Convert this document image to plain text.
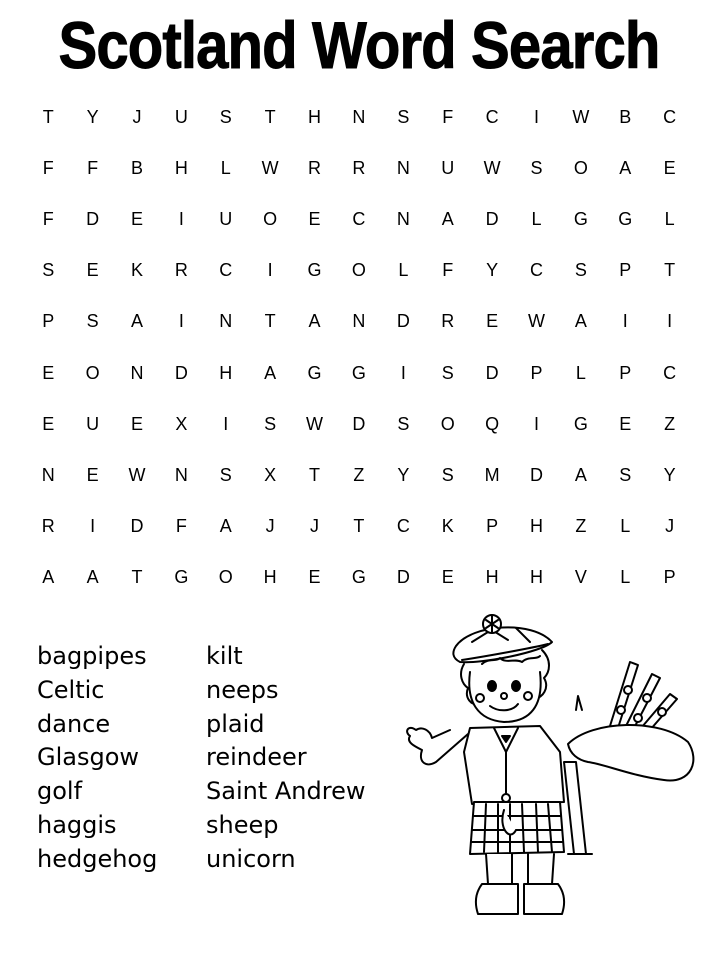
Scotland Word Search
T	Y	J	U	S	T	H	N	S	F	C	I	W	B	C
F	F	B	H	L	W	R	R	N	U	W	S	O	A	E
F	D	E	I	U	O	E	C	N	A	D	L	G	G	L
S	E	K	R	C	I	G	O	L	F	Y	C	S	P	T
P	S	A	I	N	T	A	N	D	R	E	W	A	I	I
E	O	N	D	H	A	G	G	I	S	D	P	L	P	C
E	U	E	X	I	S	W	D	S	O	Q	I	G	E	Z
N	E	W	N	S	X	T	Z	Y	S	M	D	A	S	Y
R	I	D	F	A	J	J	T	C	K	P	H	Z	L	J
A	A	T	G	O	H	E	G	D	E	H	H	V	L	P
bagpipes
Celtic
dance
Glasgow
golf
haggis
hedgehog
kilt
neeps
plaid
reindeer
Saint Andrew
sheep
unicorn
